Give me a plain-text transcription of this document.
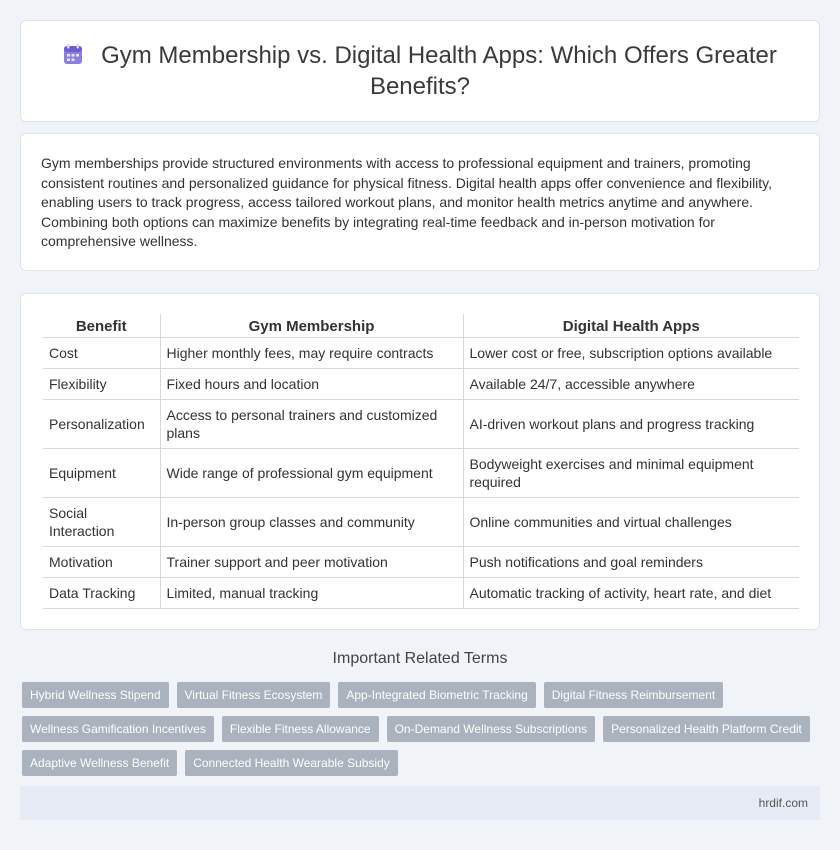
Gym Membership vs. Digital Health Apps: Which Offers Greater Benefits?

Gym memberships provide structured environments with access to professional equipment and trainers, promoting consistent routines and personalized guidance for physical fitness. Digital health apps offer convenience and flexibility, enabling users to track progress, access tailored workout plans, and monitor health metrics anytime and anywhere. Combining both options can maximize benefits by integrating real-time feedback and in-person motivation for comprehensive wellness.

Benefit	Gym Membership	Digital Health Apps
Cost	Higher monthly fees, may require contracts	Lower cost or free, subscription options available
Flexibility	Fixed hours and location	Available 24/7, accessible anywhere
Personalization	Access to personal trainers and customized plans	AI-driven workout plans and progress tracking
Equipment	Wide range of professional gym equipment	Bodyweight exercises and minimal equipment required
Social Interaction	In-person group classes and community	Online communities and virtual challenges
Motivation	Trainer support and peer motivation	Push notifications and goal reminders
Data Tracking	Limited, manual tracking	Automatic tracking of activity, heart rate, and diet
Important Related Terms
Hybrid Wellness Stipend	Virtual Fitness Ecosystem	App-Integrated Biometric Tracking	Digital Fitness Reimbursement
Wellness Gamification Incentives	Flexible Fitness Allowance	On-Demand Wellness Subscriptions	Personalized Health Platform Credit
Adaptive Wellness Benefit	Connected Health Wearable Subsidy
hrdif.com
